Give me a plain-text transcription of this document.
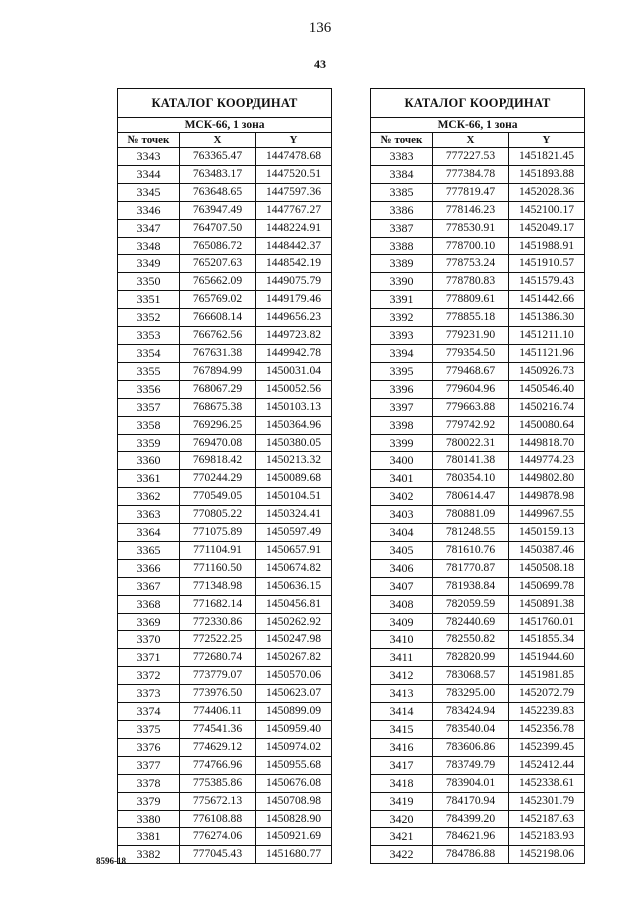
136
43
КАТАЛОГ КООРДИНАТ		
МСК-66, 1 зона		
№ точек	X	Y
3343	763365.47	1447478.68
3344	763483.17	1447520.51
3345	763648.65	1447597.36
3346	763947.49	1447767.27
3347	764707.50	1448224.91
3348	765086.72	1448442.37
3349	765207.63	1448542.19
3350	765662.09	1449075.79
3351	765769.02	1449179.46
3352	766608.14	1449656.23
3353	766762.56	1449723.82
3354	767631.38	1449942.78
3355	767894.99	1450031.04
3356	768067.29	1450052.56
3357	768675.38	1450103.13
3358	769296.25	1450364.96
3359	769470.08	1450380.05
3360	769818.42	1450213.32
3361	770244.29	1450089.68
3362	770549.05	1450104.51
3363	770805.22	1450324.41
3364	771075.89	1450597.49
3365	771104.91	1450657.91
3366	771160.50	1450674.82
3367	771348.98	1450636.15
3368	771682.14	1450456.81
3369	772330.86	1450262.92
3370	772522.25	1450247.98
3371	772680.74	1450267.82
3372	773779.07	1450570.06
3373	773976.50	1450623.07
3374	774406.11	1450899.09
3375	774541.36	1450959.40
3376	774629.12	1450974.02
3377	774766.96	1450955.68
3378	775385.86	1450676.08
3379	775672.13	1450708.98
3380	776108.88	1450828.90
3381	776274.06	1450921.69
3382	777045.43	1451680.77
КАТАЛОГ КООРДИНАТ		
МСК-66, 1 зона		
№ точек	X	Y
3383	777227.53	1451821.45
3384	777384.78	1451893.88
3385	777819.47	1452028.36
3386	778146.23	1452100.17
3387	778530.91	1452049.17
3388	778700.10	1451988.91
3389	778753.24	1451910.57
3390	778780.83	1451579.43
3391	778809.61	1451442.66
3392	778855.18	1451386.30
3393	779231.90	1451211.10
3394	779354.50	1451121.96
3395	779468.67	1450926.73
3396	779604.96	1450546.40
3397	779663.88	1450216.74
3398	779742.92	1450080.64
3399	780022.31	1449818.70
3400	780141.38	1449774.23
3401	780354.10	1449802.80
3402	780614.47	1449878.98
3403	780881.09	1449967.55
3404	781248.55	1450159.13
3405	781610.76	1450387.46
3406	781770.87	1450508.18
3407	781938.84	1450699.78
3408	782059.59	1450891.38
3409	782440.69	1451760.01
3410	782550.82	1451855.34
3411	782820.99	1451944.60
3412	783068.57	1451981.85
3413	783295.00	1452072.79
3414	783424.94	1452239.83
3415	783540.04	1452356.78
3416	783606.86	1452399.45
3417	783749.79	1452412.44
3418	783904.01	1452338.61
3419	784170.94	1452301.79
3420	784399.20	1452187.63
3421	784621.96	1452183.93
3422	784786.88	1452198.06
8596-18
